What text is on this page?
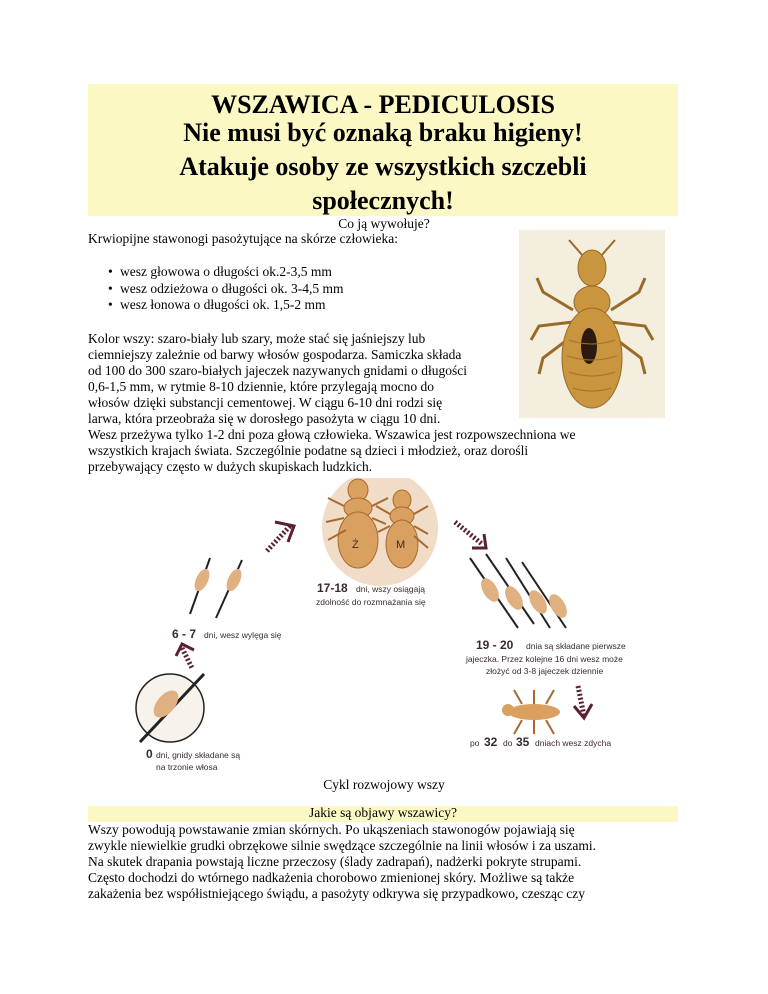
WSZAWICA - PEDICULOSIS
Nie musi być oznaką braku higieny!
Atakuje osoby ze wszystkich szczebli
społecznych!
Co ją wywołuje?

Krwiopijne stawonogi pasożytujące na skórze człowieka:

• wesz głowowa o długości ok.2-3,5 mm
• wesz odzieżowa o długości ok. 3-4,5 mm
• wesz łonowa o długości ok. 1,5-2 mm

Kolor wszy: szaro-biały lub szary, może stać się jaśniejszy lub

ciemniejszy zależnie od barwy włosów gospodarza. Samiczka składa

od 100 do 300 szaro-białych jajeczek nazywanych gnidami o długości

0,6-1,5 mm, w rytmie 8-10 dziennie, które przylegają mocno do

włosów dzięki substancji cementowej. W ciągu 6-10 dni rodzi się

larwa, która przeobraża się w dorosłego pasożyta w ciągu 10 dni.

Wesz przeżywa tylko 1-2 dni poza głową człowieka. Wszawica jest rozpowszechniona we

wszystkich krajach świata. Szczególnie podatne są dzieci i młodzież, oraz dorośli

przebywający często w dużych skupiskach ludzkich.

Ż	M
17-18 dni, wszy osiągają
zdolność do rozmnażania się
6 - 7 dni, wesz wylęga się
19 - 20 dnia są składane pierwsze
jajeczka. Przez kolejne 16 dni wesz może
złożyć od 3-8 jajeczek dziennie
po 32 do 35 dniach wesz zdycha
0 dni, gnidy składane są
na trzonie włosa
Cykl rozwojowy wszy
Jakie są objawy wszawicy?

Wszy powodują powstawanie zmian skórnych. Po ukąszeniach stawonogów pojawiają się

zwykle niewielkie grudki obrzękowe silnie swędzące szczególnie na linii włosów i za uszami.

Na skutek drapania powstają liczne przeczosy (ślady zadrapań), nadżerki pokryte strupami.

Często dochodzi do wtórnego nadkażenia chorobowo zmienionej skóry. Możliwe są także

zakażenia bez współistniejącego świądu, a pasożyty odkrywa się przypadkowo, czesząc czy
